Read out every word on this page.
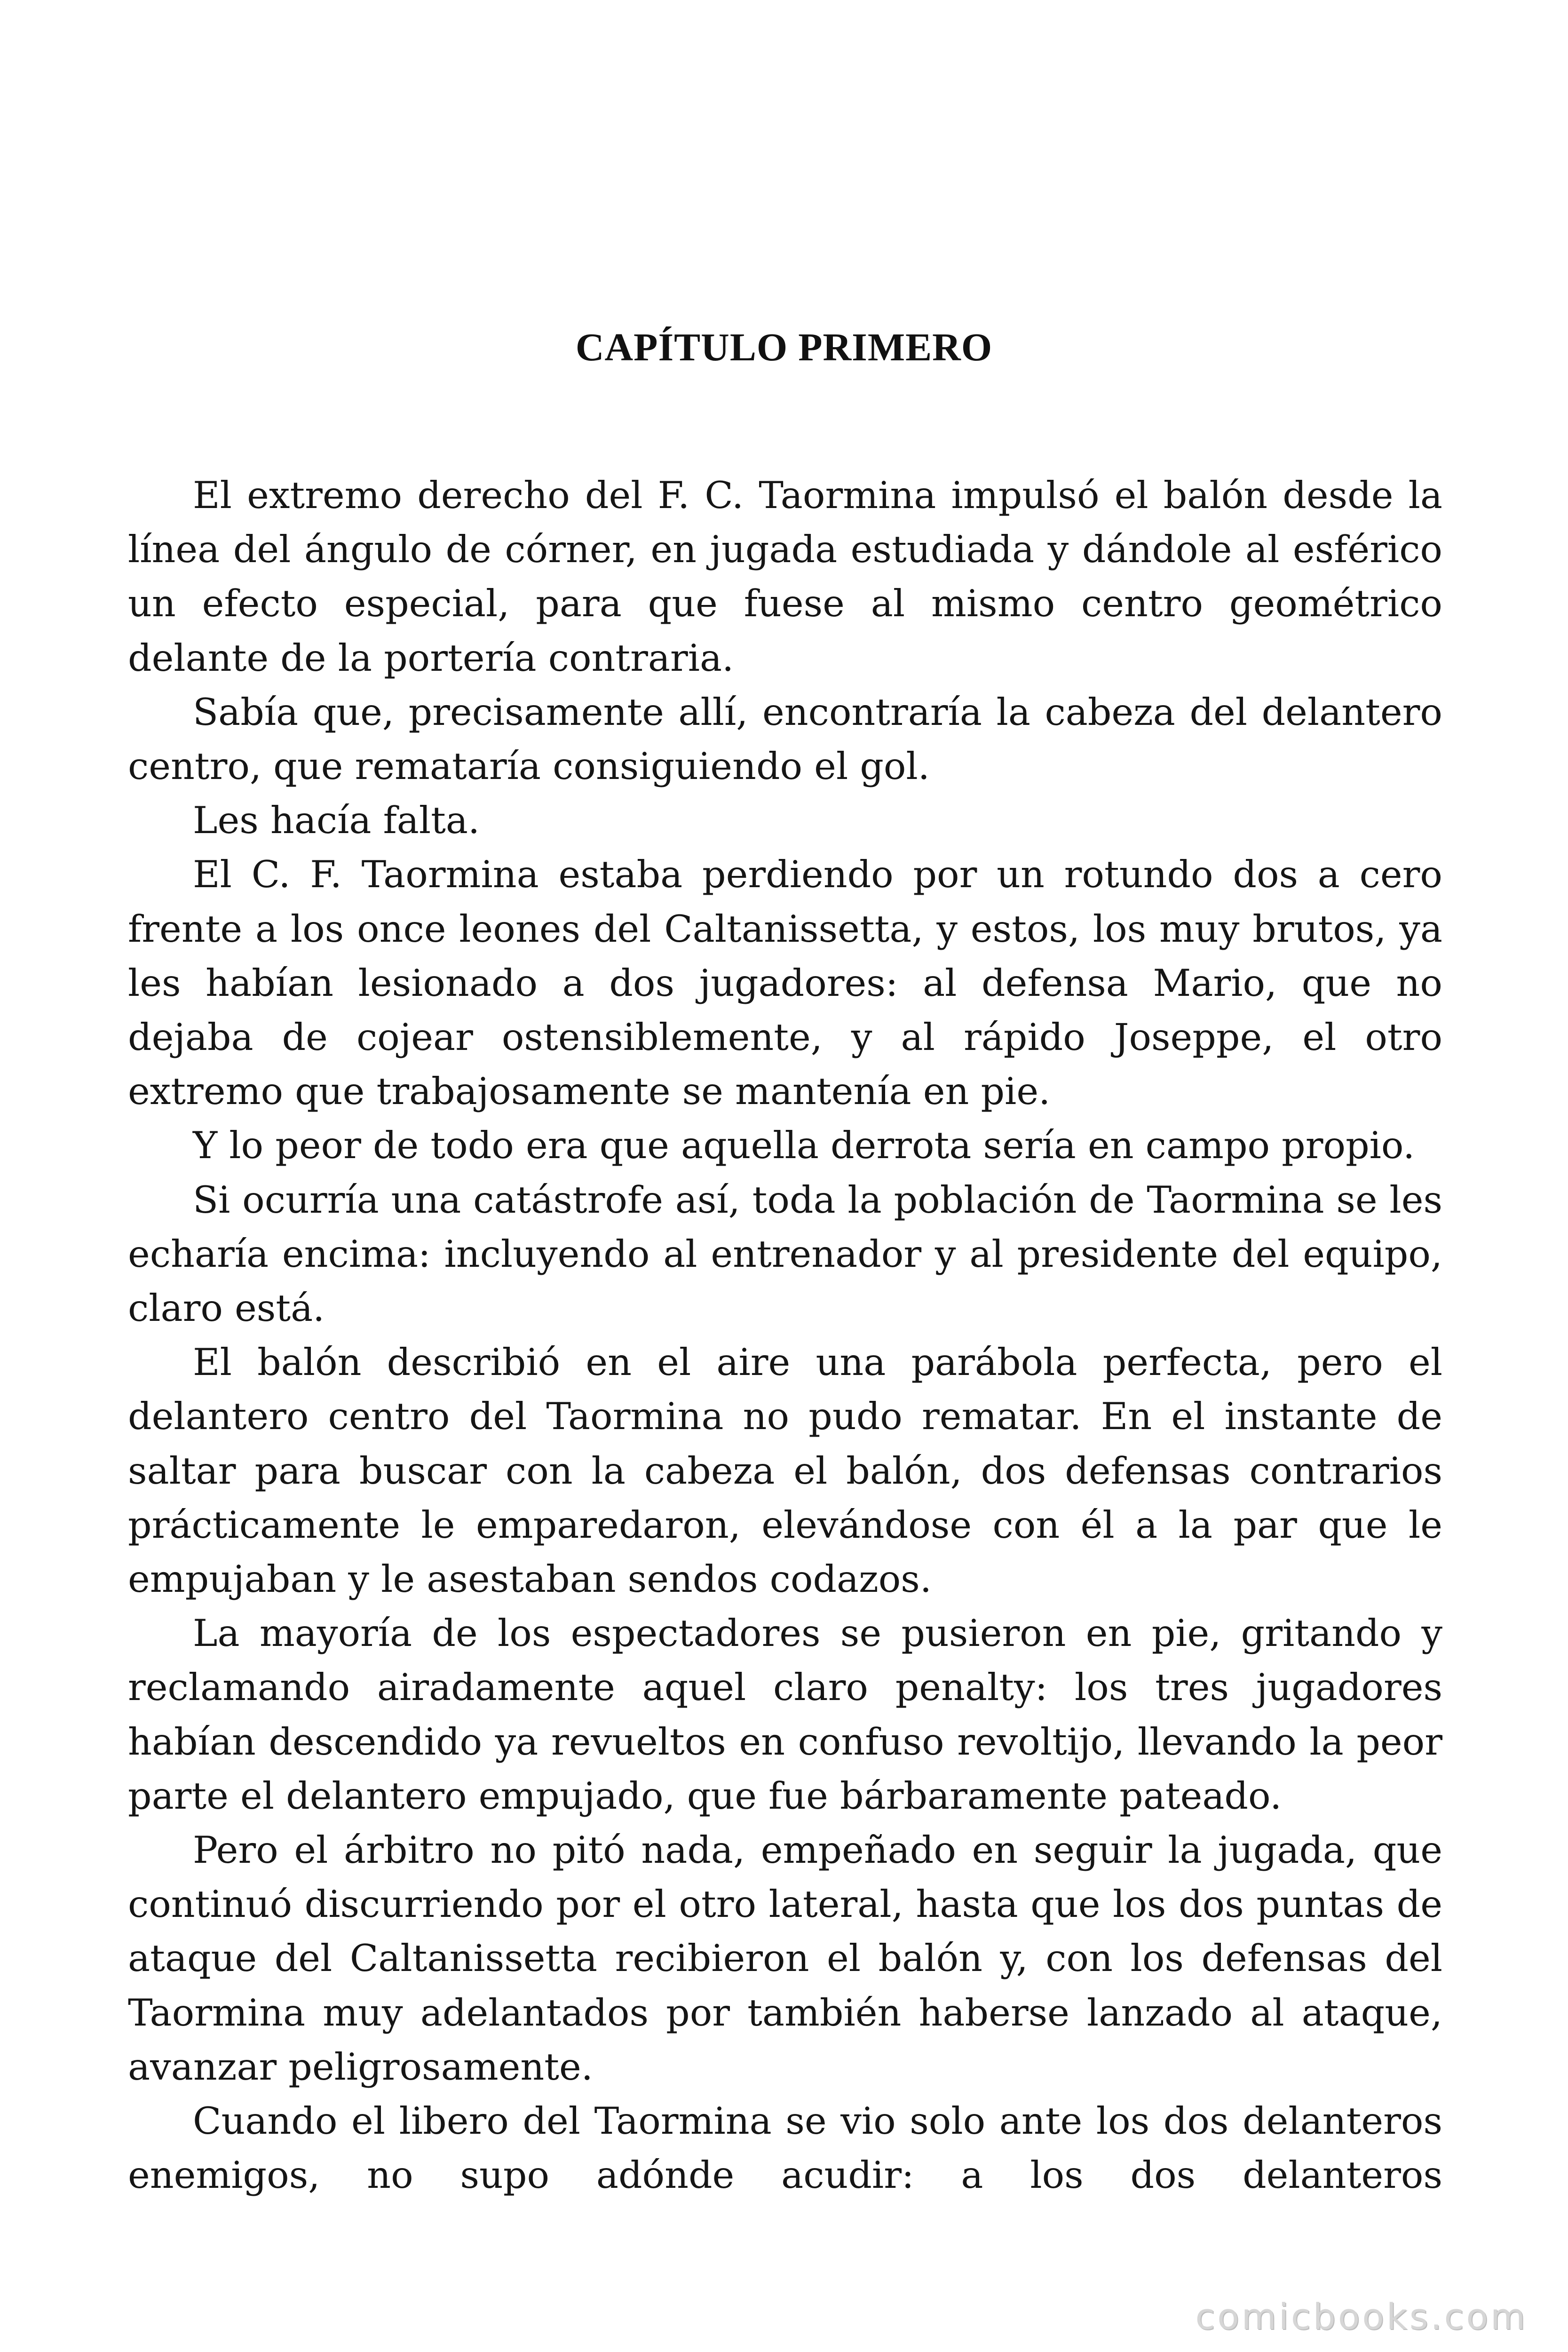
CAPÍTULO PRIMERO

El extremo derecho del F. C. Taormina impulsó el balón desde la línea del ángulo de córner, en jugada estudiada y dándole al esférico un efecto especial, para que fuese al mismo centro geométrico delante de la portería contraria.

Sabía que, precisamente allí, encontraría la cabeza del delantero centro, que remataría consiguiendo el gol.

Les hacía falta.

El C. F. Taormina estaba perdiendo por un rotundo dos a cero frente a los once leones del Caltanissetta, y estos, los muy brutos, ya les habían lesionado a dos jugadores: al defensa Mario, que no dejaba de cojear ostensiblemente, y al rápido Joseppe, el otro extremo que trabajosamente se mantenía en pie.

Y lo peor de todo era que aquella derrota sería en campo propio.

Si ocurría una catástrofe así, toda la población de Taormina se les echaría encima: incluyendo al entrenador y al presidente del equipo, claro está.

El balón describió en el aire una parábola perfecta, pero el delantero centro del Taormina no pudo rematar. En el instante de saltar para buscar con la cabeza el balón, dos defensas contrarios prácticamente le emparedaron, elevándose con él a la par que le empujaban y le asestaban sendos codazos.

La mayoría de los espectadores se pusieron en pie, gritando y reclamando airadamente aquel claro penalty: los tres jugadores habían descendido ya revueltos en confuso revoltijo, llevando la peor parte el delantero empujado, que fue bárbaramente pateado.

Pero el árbitro no pitó nada, empeñado en seguir la jugada, que continuó discurriendo por el otro lateral, hasta que los dos puntas de ataque del Caltanissetta recibieron el balón y, con los defensas del Taormina muy adelantados por también haberse lanzado al ataque, avanzar peligrosamente.

Cuando el libero del Taormina se vio solo ante los dos delanteros enemigos, no supo adónde acudir: a los dos delanteros

comicbooks.com
